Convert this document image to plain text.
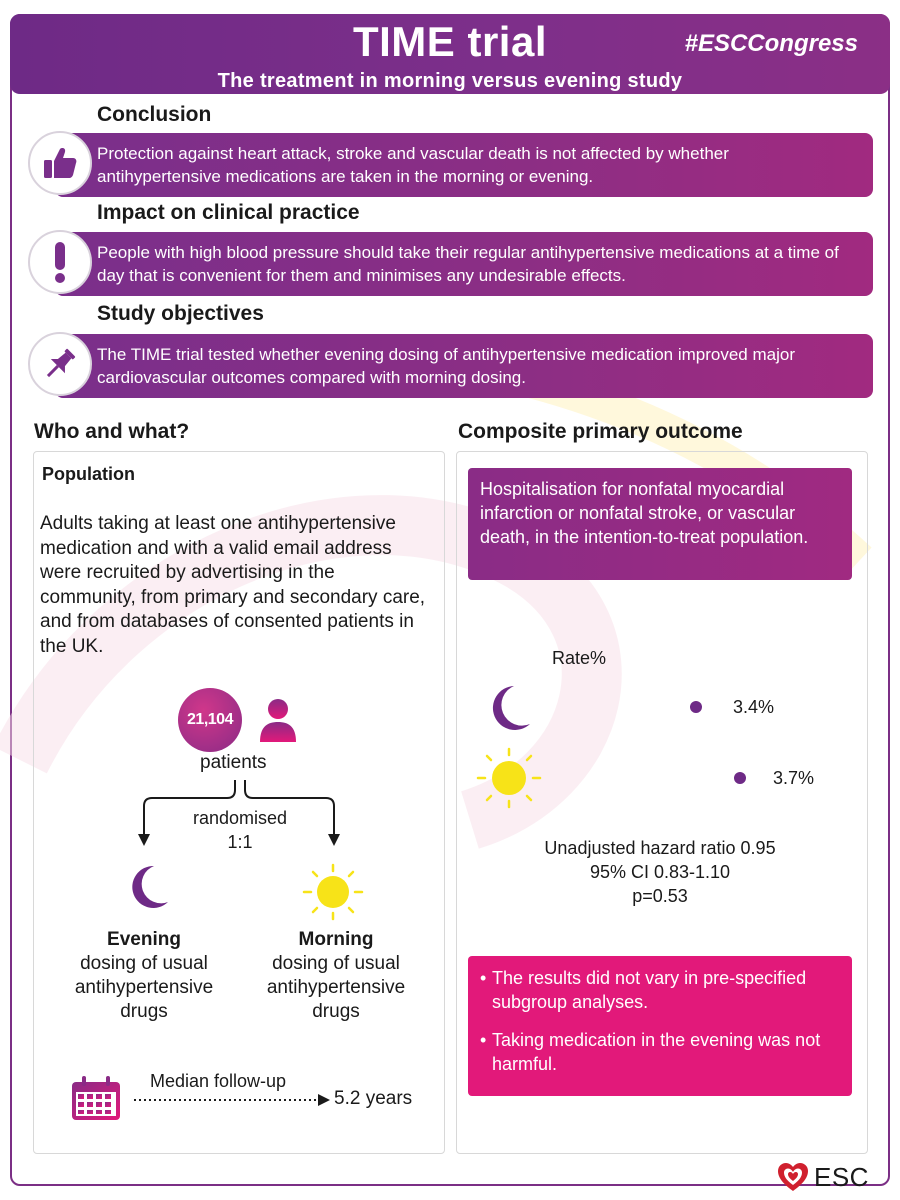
TIME trial	#ESCCongress
The treatment in morning versus evening study
Conclusion
Protection against heart attack, stroke and vascular death is not affected by whether antihypertensive medications are taken in the morning or evening.
Impact on clinical practice
People with high blood pressure should take their regular antihypertensive medications at a time of day that is convenient for them and minimises any undesirable effects.
Study objectives
The TIME trial tested whether evening dosing of antihypertensive medication improved major cardiovascular outcomes compared with morning dosing.
Who and what?	Composite primary outcome
Population
Adults taking at least one antihypertensive medication and with a valid email address were recruited by advertising in the community, from primary and secondary care, and from databases of consented patients in the UK.
21,104
patients
randomised
1:1
Evening
dosing of usual antihypertensive drugs
Morning
dosing of usual antihypertensive drugs
Median follow-up
5.2 years
Hospitalisation for nonfatal myocardial infarction or nonfatal stroke, or vascular death, in the intention-to-treat population.
Rate%
3.4%
3.7%
Unadjusted hazard ratio 0.95
95% CI 0.83-1.10
p=0.53
• The results did not vary in pre-specified subgroup analyses.
• Taking medication in the evening was not harmful.
ESC
